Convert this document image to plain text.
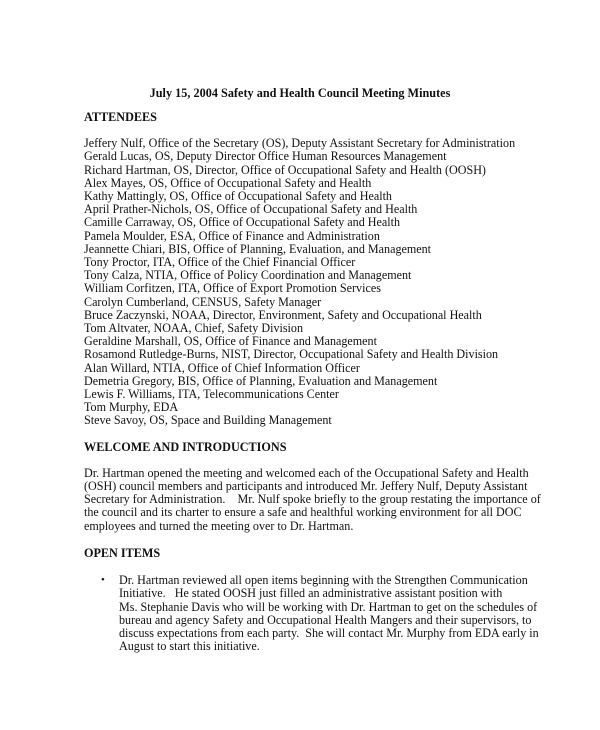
July 15, 2004 Safety and Health Council Meeting Minutes

ATTENDEES

Jeffery Nulf, Office of the Secretary (OS), Deputy Assistant Secretary for Administration
Gerald Lucas, OS, Deputy Director Office Human Resources Management
Richard Hartman, OS, Director, Office of Occupational Safety and Health (OOSH)
Alex Mayes, OS, Office of Occupational Safety and Health
Kathy Mattingly, OS, Office of Occupational Safety and Health
April Prather-Nichols, OS, Office of Occupational Safety and Health
Camille Carraway, OS, Office of Occupational Safety and Health
Pamela Moulder, ESA, Office of Finance and Administration
Jeannette Chiari, BIS, Office of Planning, Evaluation, and Management
Tony Proctor, ITA, Office of the Chief Financial Officer
Tony Calza, NTIA, Office of Policy Coordination and Management
William Corfitzen, ITA, Office of Export Promotion Services
Carolyn Cumberland, CENSUS, Safety Manager
Bruce Zaczynski, NOAA, Director, Environment, Safety and Occupational Health
Tom Altvater, NOAA, Chief, Safety Division
Geraldine Marshall, OS, Office of Finance and Management
Rosamond Rutledge-Burns, NIST, Director, Occupational Safety and Health Division
Alan Willard, NTIA, Office of Chief Information Officer
Demetria Gregory, BIS, Office of Planning, Evaluation and Management
Lewis F. Williams, ITA, Telecommunications Center
Tom Murphy, EDA
Steve Savoy, OS, Space and Building Management

WELCOME AND INTRODUCTIONS

Dr. Hartman opened the meeting and welcomed each of the Occupational Safety and Health
(OSH) council members and participants and introduced Mr. Jeffery Nulf, Deputy Assistant
Secretary for Administration.    Mr. Nulf spoke briefly to the group restating the importance of
the council and its charter to ensure a safe and healthful working environment for all DOC
employees and turned the meeting over to Dr. Hartman.

OPEN ITEMS

• Dr. Hartman reviewed all open items beginning with the Strengthen Communication
Initiative.   He stated OOSH just filled an administrative assistant position with
Ms. Stephanie Davis who will be working with Dr. Hartman to get on the schedules of
bureau and agency Safety and Occupational Health Mangers and their supervisors, to
discuss expectations from each party.  She will contact Mr. Murphy from EDA early in
August to start this initiative.
